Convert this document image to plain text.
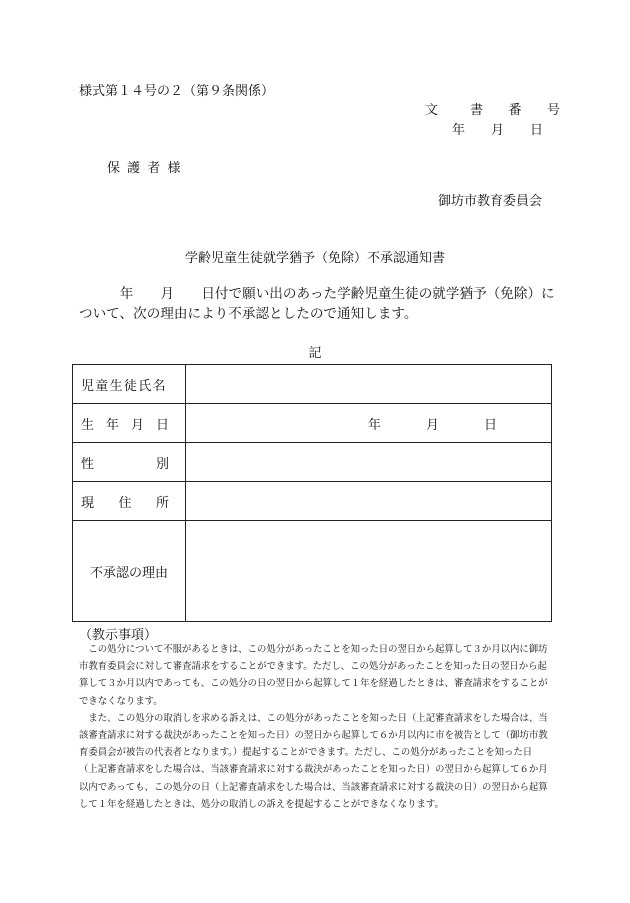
様式第１４号の２（第９条関係）
文 書 番 号
年　　月　　日
保護者様
御坊市教育委員会
学齢児童生徒就学猶予（免除）不承認通知書
　　　年　　月　　日付で願い出のあった学齢児童生徒の就学猶予（免除）について、次の理由により不承認としたので通知します。
記
児童生徒氏名	

生 年 月 日	年 月 日

性 別	

現 住 所	

不承認の理由	
（教示事項）

この処分について不服があるときは、この処分があったことを知った日の翌日から起算して３か月以内に御坊市教育委員会に対して審査請求をすることができます。ただし、この処分があったことを知った日の翌日から起算して３か月以内であっても、この処分の日の翌日から起算して１年を経過したときは、審査請求をすることができなくなります。

また、この処分の取消しを求める訴えは、この処分があったことを知った日（上記審査請求をした場合は、当該審査請求に対する裁決があったことを知った日）の翌日から起算して６か月以内に市を被告として（御坊市教育委員会が被告の代表者となります。）提起することができます。ただし、この処分があったことを知った日（上記審査請求をした場合は、当該審査請求に対する裁決があったことを知った日）の翌日から起算して６か月以内であっても、この処分の日（上記審査請求をした場合は、当該審査請求に対する裁決の日）の翌日から起算して１年を経過したときは、処分の取消しの訴えを提起することができなくなります。
